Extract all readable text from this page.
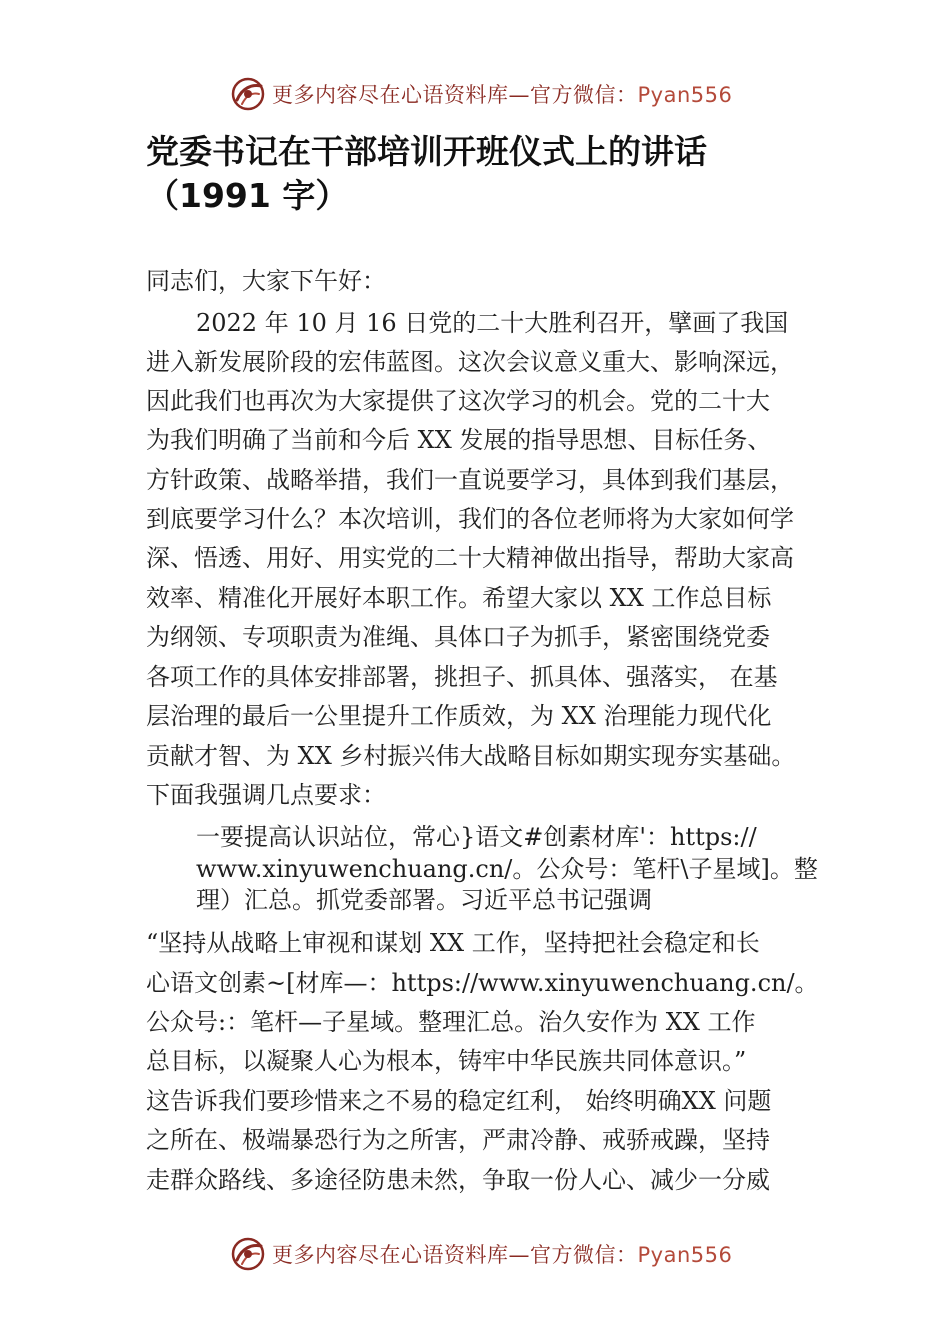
更多内容尽在心语资料库—官方微信：Pyan556
党委书记在干部培训开班仪式上的讲话
（1991 字）
同志们，大家下午好：
2022 年 10 月 16 日党的二十大胜利召开，擘画了我国
进入新发展阶段的宏伟蓝图。这次会议意义重大、影响深远，
因此我们也再次为大家提供了这次学习的机会。党的二十大
为我们明确了当前和今后 XX 发展的指导思想、目标任务、
方针政策、战略举措，我们一直说要学习，具体到我们基层，
到底要学习什么？本次培训，我们的各位老师将为大家如何学
深、悟透、用好、用实党的二十大精神做出指导，帮助大家高
效率、精准化开展好本职工作。希望大家以 XX 工作总目标
为纲领、专项职责为准绳、具体口子为抓手，紧密围绕党委
各项工作的具体安排部署，挑担子、抓具体、强落实， 在基
层治理的最后一公里提升工作质效，为 XX 治理能力现代化
贡献才智、为 XX 乡村振兴伟大战略目标如期实现夯实基础。
下面我强调几点要求：
一要提高认识站位，常心}语文#创素材库'：https://
www.xinyuwenchuang.cn/。公众号：笔杆\子星域]。整
理）汇总。抓党委部署。习近平总书记强调
“坚持从战略上审视和谋划 XX 工作，坚持把社会稳定和长
心语文创素~[材库—：https://www.xinyuwenchuang.cn/。
公众号:：笔杆—子星域。整理汇总。治久安作为 XX 工作
总目标，以凝聚人心为根本，铸牢中华民族共同体意识。”
这告诉我们要珍惜来之不易的稳定红利， 始终明确XX 问题
之所在、极端暴恐行为之所害，严肃冷静、戒骄戒躁，坚持
走群众路线、多途径防患未然，争取一份人心、减少一分威
更多内容尽在心语资料库—官方微信：Pyan556
